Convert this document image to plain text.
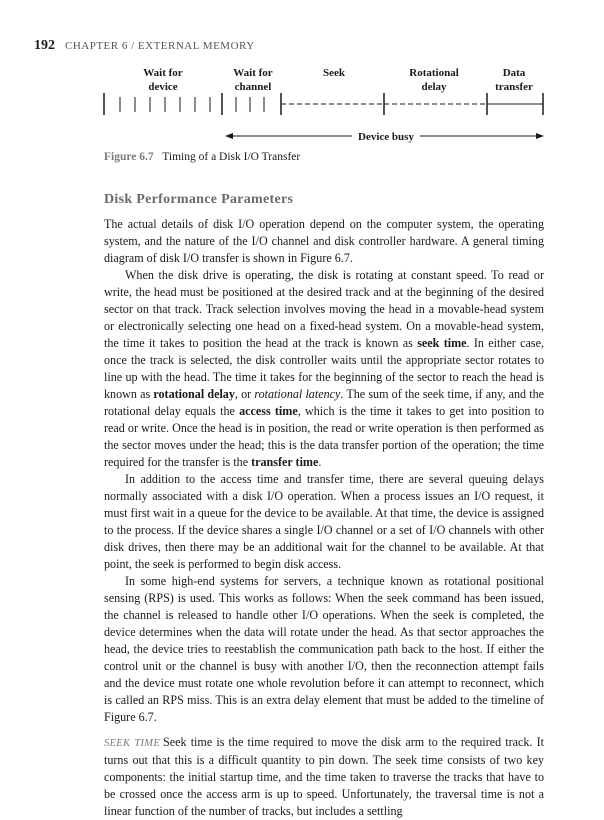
192 CHAPTER 6 / EXTERNAL MEMORY
Wait for
device
Wait for
channel
Seek	Rotational
delay
Data
transfer
Device busy
Figure 6.7 Timing of a Disk I/O Transfer
Disk Performance Parameters

The actual details of disk I/O operation depend on the computer system, the operating system, and the nature of the I/O channel and disk controller hardware. A general timing diagram of disk I/O transfer is shown in Figure 6.7.

When the disk drive is operating, the disk is rotating at constant speed. To read or write, the head must be positioned at the desired track and at the beginning of the desired sector on that track. Track selection involves moving the head in a movable-head system or electronically selecting one head on a fixed-head system. On a movable-head system, the time it takes to position the head at the track is known as seek time. In either case, once the track is selected, the disk controller waits until the appropriate sector rotates to line up with the head. The time it takes for the beginning of the sector to reach the head is known as rotational delay, or rotational latency. The sum of the seek time, if any, and the rotational delay equals the access time, which is the time it takes to get into position to read or write. Once the head is in position, the read or write operation is then performed as the sector moves under the head; this is the data transfer portion of the operation; the time required for the transfer is the transfer time.

In addition to the access time and transfer time, there are several queuing delays normally associated with a disk I/O operation. When a process issues an I/O request, it must first wait in a queue for the device to be available. At that time, the device is assigned to the process. If the device shares a single I/O channel or a set of I/O channels with other disk drives, then there may be an additional wait for the channel to be available. At that point, the seek is performed to begin disk access.

In some high-end systems for servers, a technique known as rotational positional sensing (RPS) is used. This works as follows: When the seek command has been issued, the channel is released to handle other I/O operations. When the seek is completed, the device determines when the data will rotate under the head. As that sector approaches the head, the device tries to reestablish the communication path back to the host. If either the control unit or the channel is busy with another I/O, then the reconnection attempt fails and the device must rotate one whole revolution before it can attempt to reconnect, which is called an RPS miss. This is an extra delay element that must be added to the timeline of Figure 6.7.

SEEK TIME Seek time is the time required to move the disk arm to the required track. It turns out that this is a difficult quantity to pin down. The seek time consists of two key components: the initial startup time, and the time taken to traverse the tracks that have to be crossed once the access arm is up to speed. Unfortunately, the traversal time is not a linear function of the number of tracks, but includes a settling
